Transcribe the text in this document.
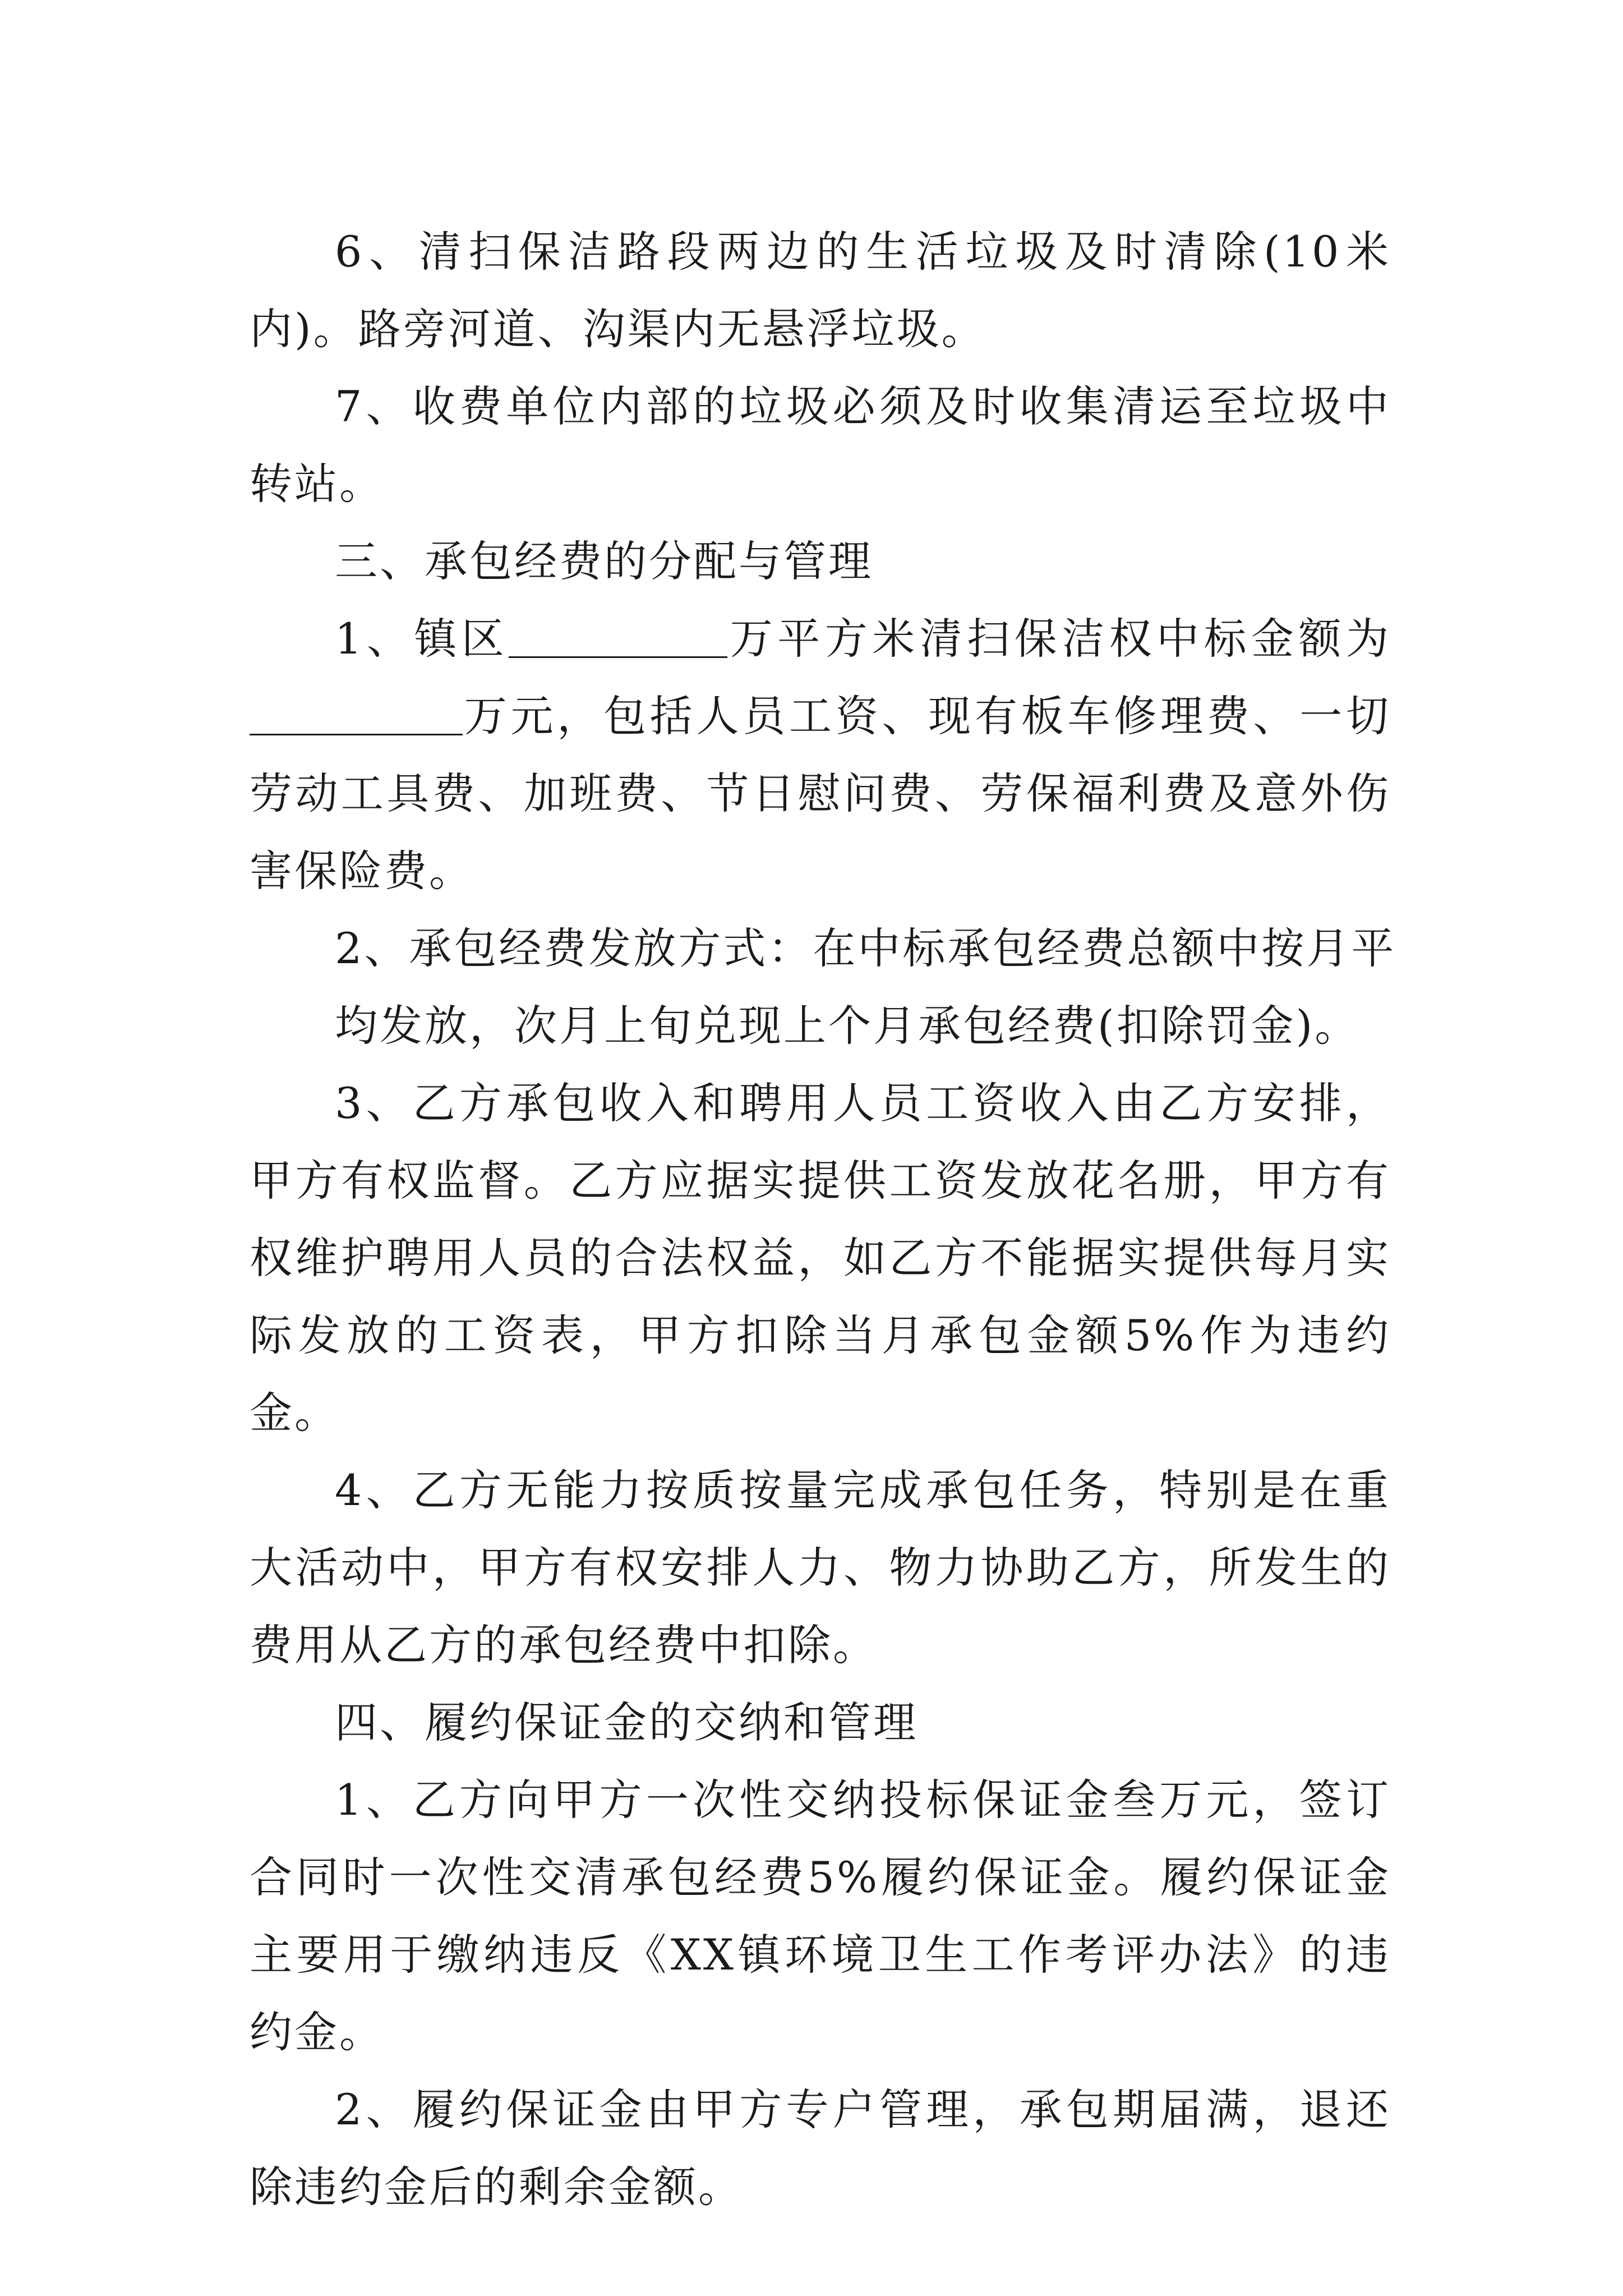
6、清扫保洁路段两边的生活垃圾及时清除(10米内)。路旁河道、沟渠内无悬浮垃圾。

7、收费单位内部的垃圾必须及时收集清运至垃圾中转站。

三、承包经费的分配与管理

1、镇区	万平方米清扫保洁权中标金额为万元，包括人员工资、现有板车修理费、一切劳动工具费、加班费、节日慰问费、劳保福利费及意外伤害保险费。

2、承包经费发放方式：在中标承包经费总额中按月平
均发放，次月上旬兑现上个月承包经费(扣除罚金)。

3、乙方承包收入和聘用人员工资收入由乙方安排，甲方有权监督。乙方应据实提供工资发放花名册，甲方有权维护聘用人员的合法权益，如乙方不能据实提供每月实际发放的工资表，甲方扣除当月承包金额5%作为违约金。

4、乙方无能力按质按量完成承包任务，特别是在重大活动中，甲方有权安排人力、物力协助乙方，所发生的费用从乙方的承包经费中扣除。

四、履约保证金的交纳和管理

1、乙方向甲方一次性交纳投标保证金叁万元，签订合同时一次性交清承包经费5%履约保证金。履约保证金主要用于缴纳违反《XX镇环境卫生工作考评办法》的违约金。

2、履约保证金由甲方专户管理，承包期届满，退还除违约金后的剩余金额。
